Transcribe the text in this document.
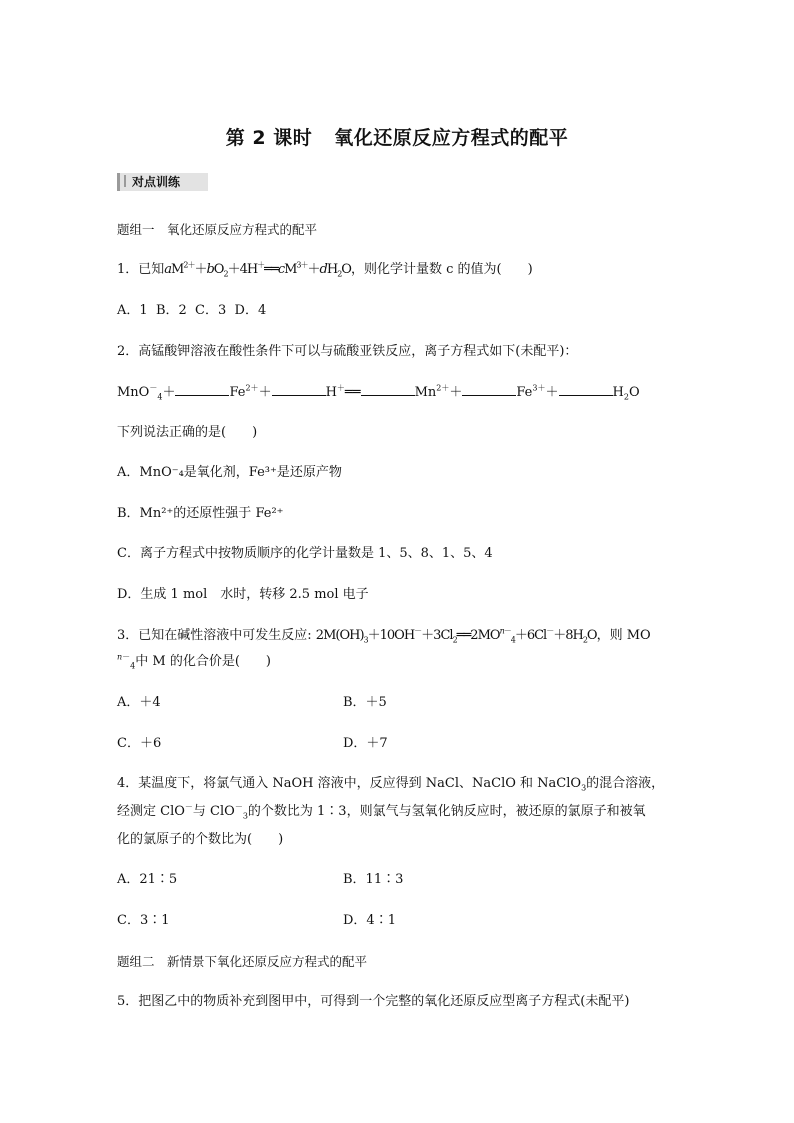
第 2 课时 氧化还原反应方程式的配平
对点训练
题组一　氧化还原反应方程式的配平
1．已知$aM^{2+}+bO_2+4H^+══cM^{3+}+dH_2O$，则化学计量数 c 的值为(　　)
A．1 B．2 C．3 D．4
2．高锰酸钾溶液在酸性条件下可以与硫酸亚铁反应，离子方程式如下(未配平)：
MnO－$_4$＋	$Fe^{2+}+$	H＋══	$Mn^{2+}+$	$Fe^{3+}+$	$H_2O$
下列说法正确的是(　　)
A．MnO⁻₄是氧化剂，Fe³⁺是还原产物
B．Mn²⁺的还原性强于 Fe²⁺
C．离子方程式中按物质顺序的化学计量数是 1、5、8、1、5、4
D．生成 1 mol　水时，转移 2.5 mol 电子
3．已知在碱性溶液中可发生反应: $2M(OH)_3+10OH^-+3Cl_2══2MO^{n-}_4+6Cl^-+8H_2O$，则 MO
$^{n-}_4$中 M 的化合价是(　　)
A．＋4	B．＋5
C．＋6	D．＋7
4．某温度下，将氯气通入 NaOH 溶液中，反应得到 NaCl、NaClO 和 NaClO$_3$的混合溶液，
经测定 ClO－与 ClO－$_3$的个数比为 1∶3，则氯气与氢氧化钠反应时，被还原的氯原子和被氧
化的氯原子的个数比为(　　)
A．21∶5	B．11∶3
C．3∶1	D．4∶1
题组二　新情景下氧化还原反应方程式的配平
5．把图乙中的物质补充到图甲中，可得到一个完整的氧化还原反应型离子方程式(未配平)
